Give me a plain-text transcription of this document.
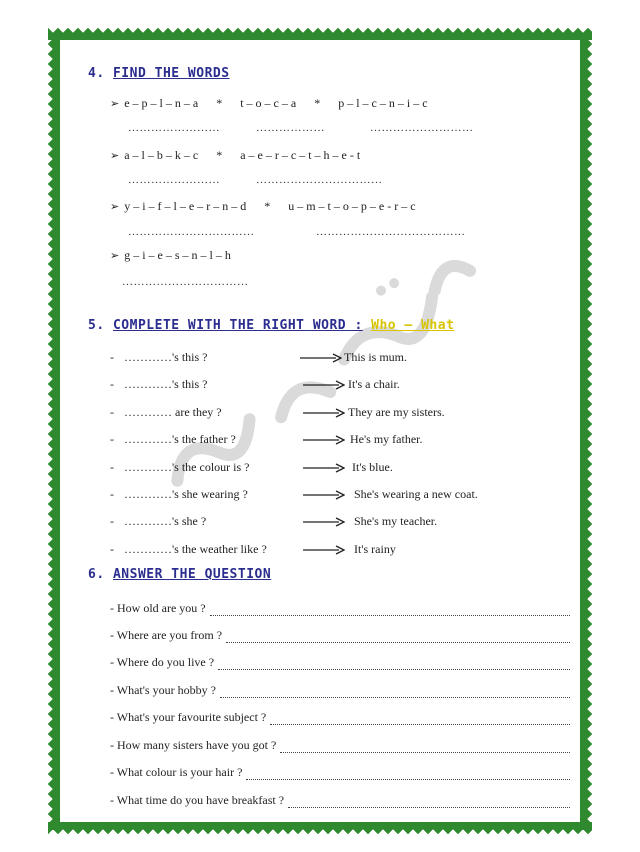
4. FIND THE WORDS
➢ e – p – l – n – a * t – o – c – a * p – l – c – n – i – c
……………………	………………	………………………
➢ a – l – b – k – c * a – e – r – c – t – h – e - t
……………………	……………………………
➢ y – i – f – l – e – r – n – d * u – m – t – o – p – e - r – c
……………………………	…………………………………
➢ g – i – e – s – n – l – h
……………………………
5. COMPLETE WITH THE RIGHT WORD : Who – What
- …………'s this ?	This is mum.
- …………'s this ?	It's a chair.
- ………… are they ?	They are my sisters.
- …………'s the father ?	He's my father.
- …………'s the colour is ?	It's blue.
- …………'s she wearing ?	She's wearing a new coat.
- …………'s she ?	She's my teacher.
- …………'s the weather like ?	It's rainy
6. ANSWER THE QUESTION
- How old are you ?
- Where are you from ?
- Where do you live ?
- What's your hobby ?
- What's your favourite subject ?
- How many sisters have you got ?
- What colour is your hair ?
- What time do you have breakfast ?
